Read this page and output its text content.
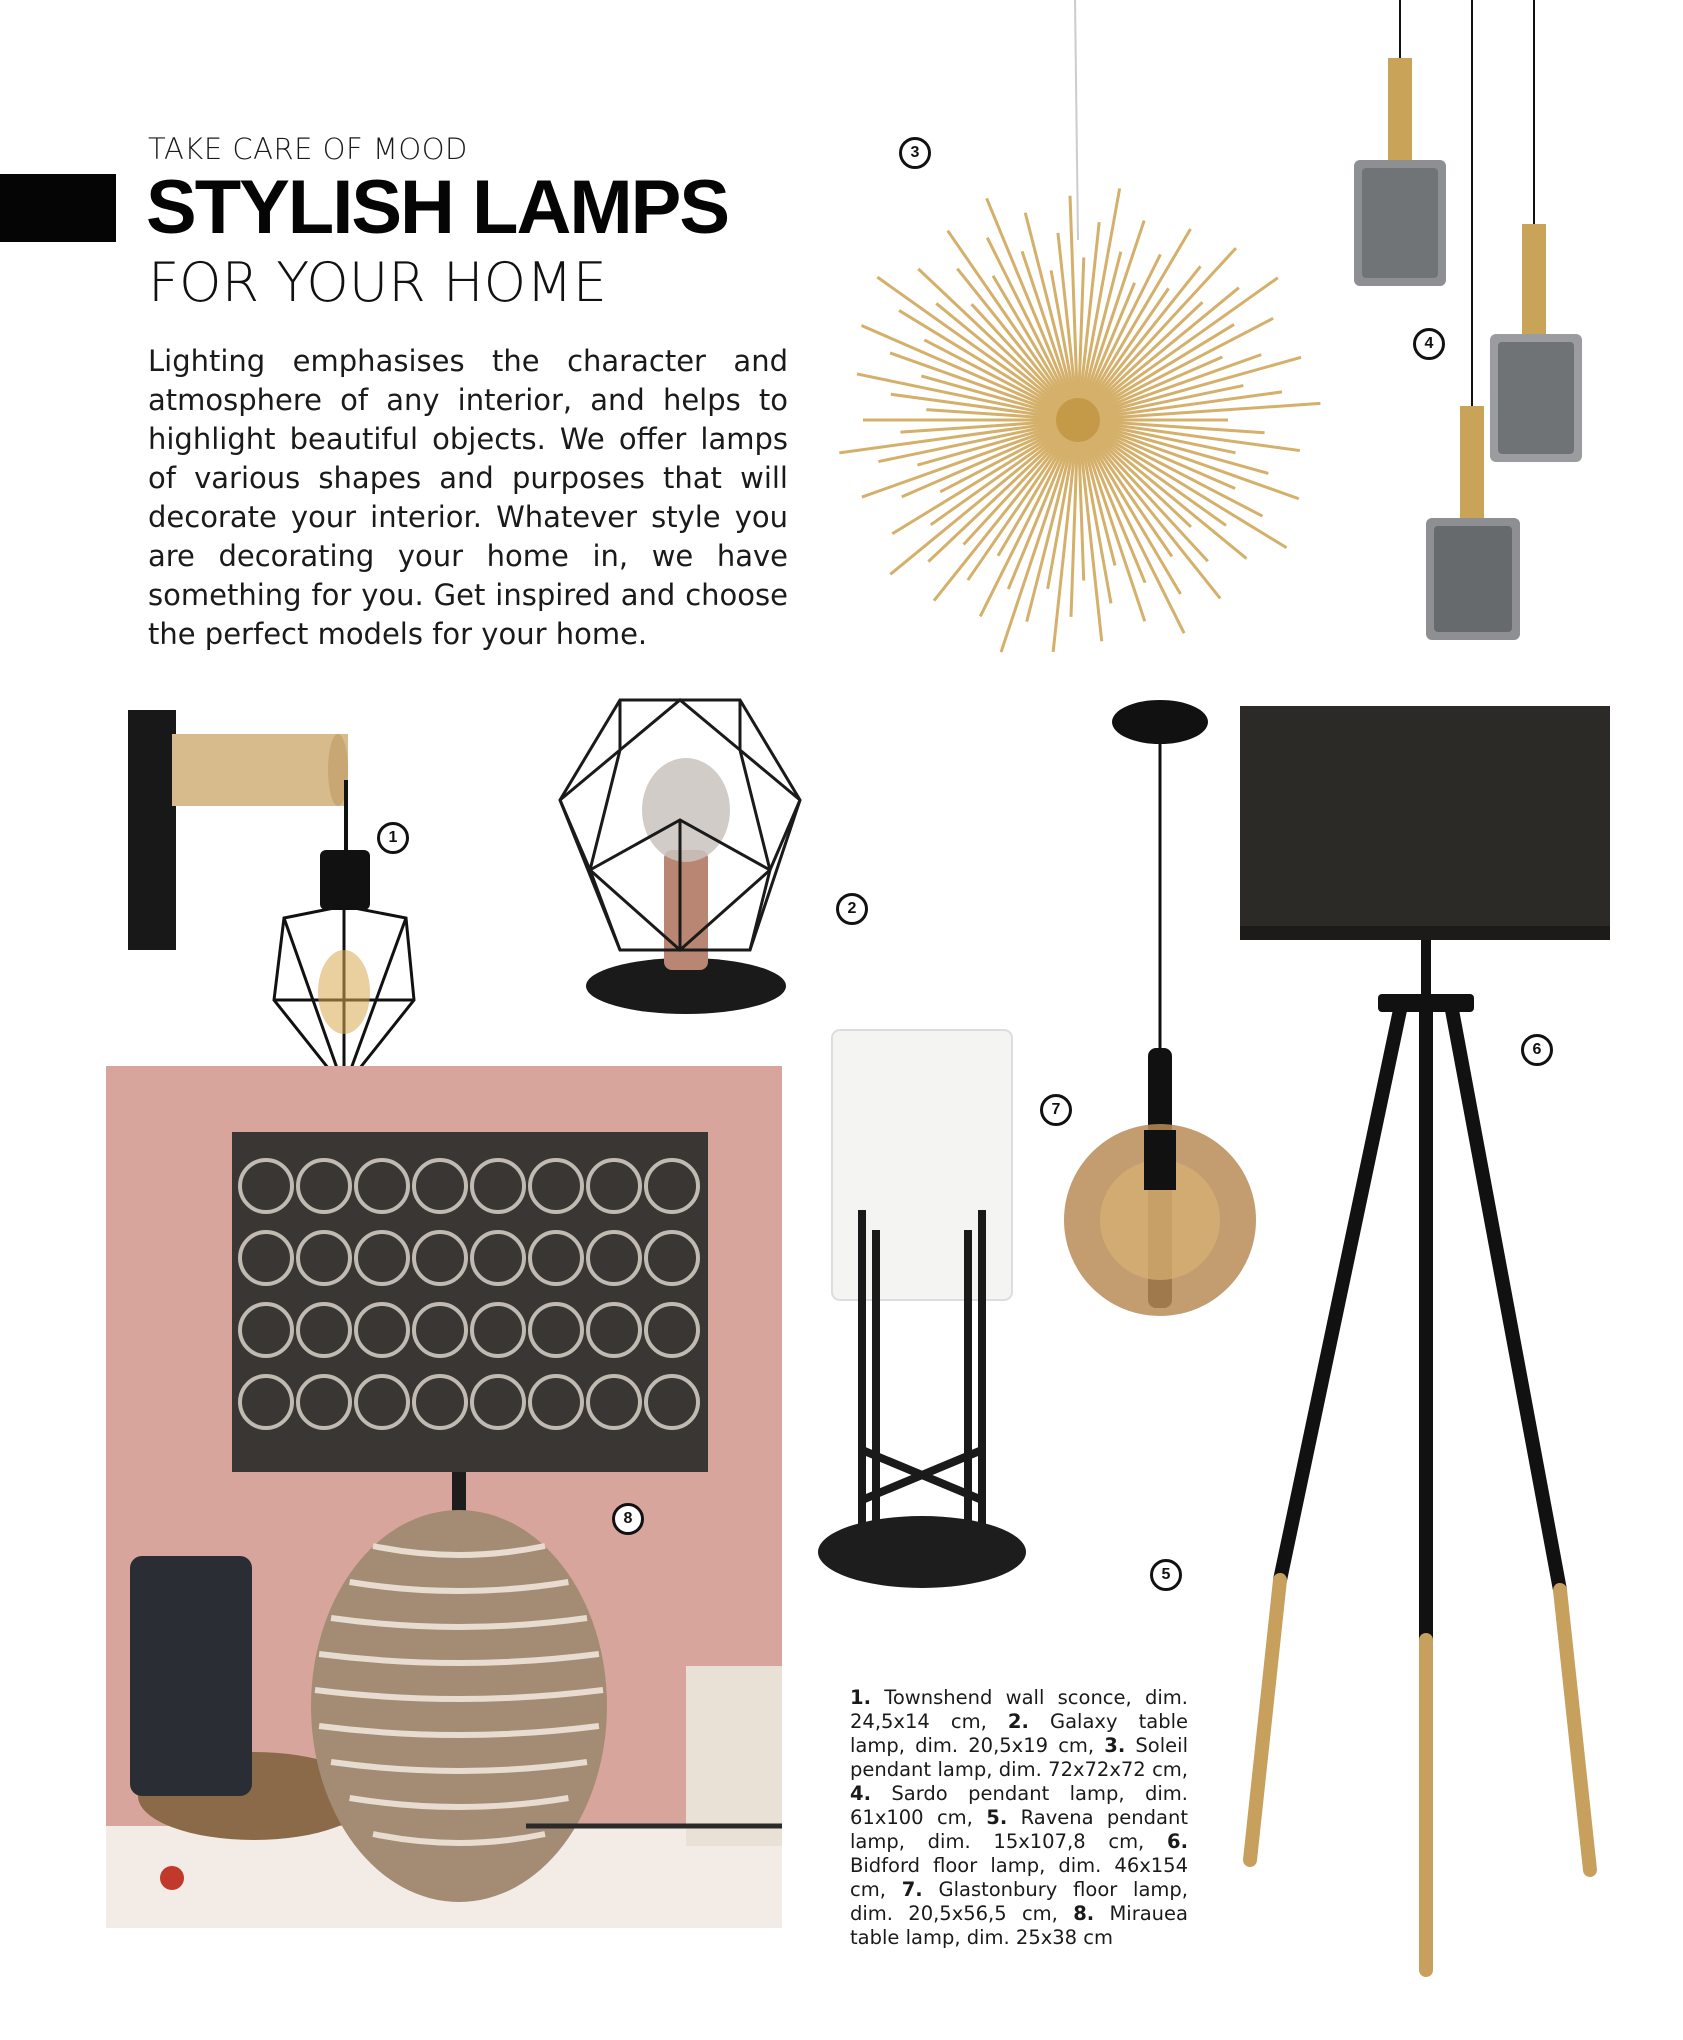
TAKE CARE OF MOOD
STYLISH LAMPS
FOR YOUR HOME
Lighting emphasises the character and atmosphere of any interior, and helps to highlight beautiful objects. We offer lamps of various shapes and purposes that will decorate your interior. Whatever style you are decorating your home in, we have something for you. Get inspired and choose the perfect models for your home.
3
4
1
2
6
7
8
5
1. Townshend wall sconce, dim. 24,5x14 cm, 2. Galaxy table lamp, dim. 20,5x19 cm, 3. Soleil pendant lamp, dim. 72x72x72 cm, 4. Sardo pendant lamp, dim. 61x100 cm, 5. Ravena pendant lamp, dim. 15x107,8 cm, 6. Bidford floor lamp, dim. 46x154 cm, 7. Glastonbury floor lamp, dim. 20,5x56,5 cm, 8. Mirauea table lamp, dim. 25x38 cm
